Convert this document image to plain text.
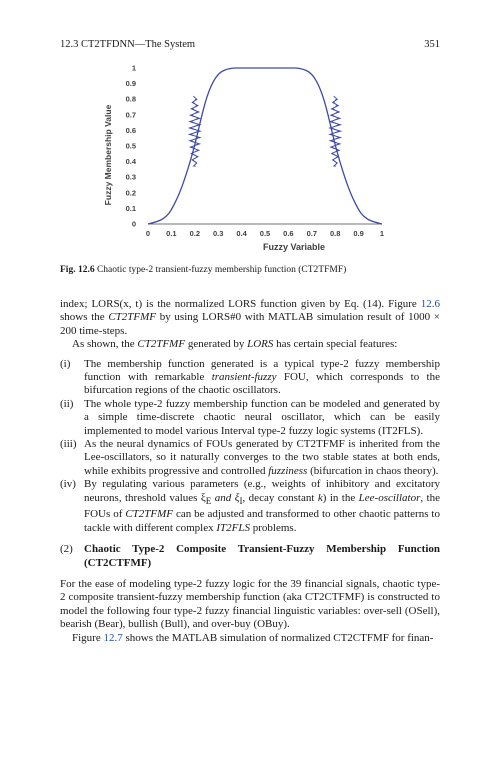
12.3 CT2TFDNN—The System	351
0 0.1 0.2 0.3 0.4 0.5 0.6 0.7 0.8 0.9 1
0
0.1
0.2
0.3
0.4
0.5
0.6
0.7
0.8
0.9
1
Fuzzy Variable
Fuzzy Membership Value
Fig. 12.6 Chaotic type-2 transient-fuzzy membership function (CT2TFMF)

index; LORS(x, t) is the normalized LORS function given by Eq. (14). Figure 12.6 shows the CT2TFMF by using LORS#0 with MATLAB simulation result of 1000 × 200 time-steps.

As shown, the CT2TFMF generated by LORS has certain special features:

(i) The membership function generated is a typical type-2 fuzzy membership function with remarkable transient-fuzzy FOU, which corresponds to the bifurcation regions of the chaotic oscillators.
(ii) The whole type-2 fuzzy membership function can be modeled and generated by a simple time-discrete chaotic neural oscillator, which can be easily implemented to model various Interval type-2 fuzzy logic systems (IT2FLS).
(iii) As the neural dynamics of FOUs generated by CT2TFMF is inherited from the Lee-oscillators, so it naturally converges to the two stable states at both ends, while exhibits progressive and controlled fuzziness (bifurcation in chaos theory).
(iv) By regulating various parameters (e.g., weights of inhibitory and excitatory neurons, threshold values $\xi_E$ and $\xi_I$, decay constant k) in the Lee-oscillator, the FOUs of CT2TFMF can be adjusted and transformed to other chaotic patterns to tackle with different complex IT2FLS problems.
(2) Chaotic Type-2 Composite Transient-Fuzzy Membership Function (CT2CTFMF)

For the ease of modeling type-2 fuzzy logic for the 39 financial signals, chaotic type-2 composite transient-fuzzy membership function (aka CT2CTFMF) is constructed to model the following four type-2 fuzzy financial linguistic variables: over-sell (OSell), bearish (Bear), bullish (Bull), and over-buy (OBuy).

Figure 12.7 shows the MATLAB simulation of normalized CT2CTFMF for finan-
